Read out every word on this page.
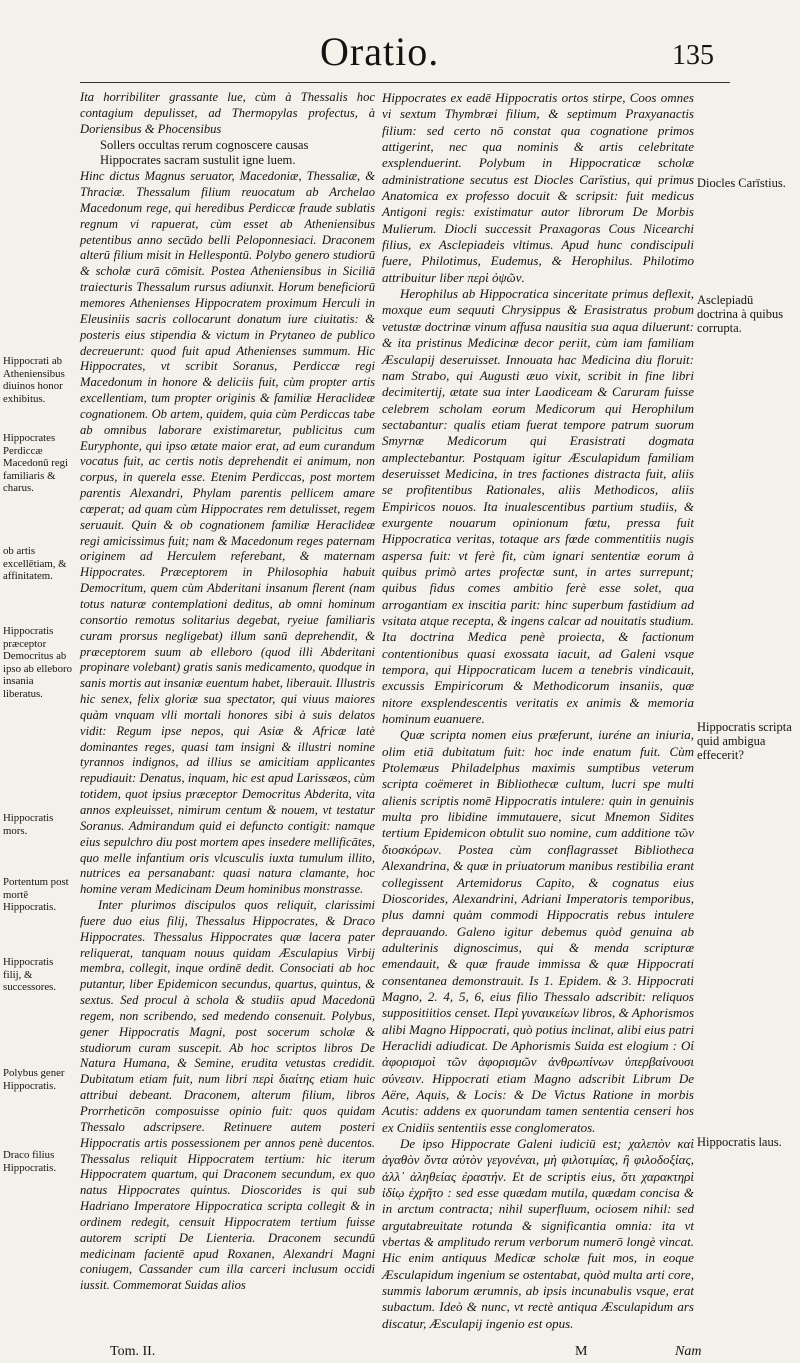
Oratio.	135

Ita horribiliter grassante lue, cùm à Thessalis hoc contagium depulisset, ad Thermopylas profectus, à Doriensibus & Phocensibus

Sollers occultas rerum cognoscere causas

Hippocrates sacram sustulit igne luem.

Hinc dictus Magnus seruator, Macedoniæ, Thessaliæ, & Thraciæ. Thessalum filium reuocatum ab Archelao Macedonum rege, qui heredibus Perdiccæ fraude sublatis regnum vi rapuerat, cùm esset ab Atheniensibus petentibus anno secūdo belli Peloponnesiaci. Draconem alterū filium misit in Hellespontū. Polybo genero studiorū & scholæ curā cōmisit. Postea Atheniensibus in Siciliā traiecturis Thessalum rursus adiunxit. Horum beneficiorū memores Athenienses Hippocratem proximum Herculi in Eleusiniis sacris collocarunt donatum iure ciuitatis: & posteris eius stipendia & victum in Prytaneo de publico decreuerunt: quod fuit apud Athenienses summum. Hic Hippocrates, vt scribit Soranus, Perdiccæ regi Macedonum in honore & deliciis fuit, cùm propter artis excellentiam, tum propter originis & familiæ Heraclideæ cognationem. Ob artem, quidem, quia cùm Perdiccas tabe ab omnibus laborare existimaretur, publicitus cum Euryphonte, qui ipso ætate maior erat, ad eum curandum vocatus fuit, ac certis notis deprehendit ei animum, non corpus, in querela esse. Etenim Perdiccas, post mortem parentis Alexandri, Phylam parentis pellicem amare cœperat; ad quam cùm Hippocrates rem detulisset, regem seruauit. Quin & ob cognationem familiæ Heraclideæ regi amicissimus fuit; nam & Macedonum reges paternam originem ad Herculem referebant, & maternam Hippocrates. Præceptorem in Philosophia habuit Democritum, quem cùm Abderitani insanum flerent (nam totus naturæ contemplationi deditus, ab omni hominum consortio remotus solitarius degebat, ryeiue familiaris curam prorsus negligebat) illum sanū deprehendit, & præceptorem suum ab elleboro (quod illi Abderitani propinare volebant) gratis sanis medicamento, quodque in sanis mortis aut insaniæ euentum habet, liberauit. Illustris hic senex, felix gloriæ sua spectator, qui viuus maiores quàm vnquam vlli mortali honores sibi à suis delatos vidit: Regum ipse nepos, qui Asiæ & Africæ latè dominantes reges, quasi tam insigni & illustri nomine tyrannos indignos, ad illius se amicitiam applicantes repudiauit: Denatus, inquam, hic est apud Larissæos, cùm totidem, quot ipsius præceptor Democritus Abderita, vita annos expleuisset, nimirum centum & nouem, vt testatur Soranus. Admirandum quid ei defuncto contigit: namque eius sepulchro diu post mortem apes insedere mellificātes, quo melle infantium oris vlcusculis iuxta tumulum illito, nutrices ea persanabant: quasi natura clamante, hoc homine veram Medicinam Deum hominibus monstrasse.

Inter plurimos discipulos quos reliquit, clarissimi fuere duo eius filij, Thessalus Hippocrates, & Draco Hippocrates. Thessalus Hippocrates quæ lacera pater reliquerat, tanquam nouus quidam Æsculapius Virbij membra, collegit, inque ordinē dedit. Consociati ab hoc putantur, liber Epidemicon secundus, quartus, quintus, & sextus. Sed procul à schola & studiis apud Macedonū regem, non scribendo, sed medendo consenuit. Polybus, gener Hippocratis Magni, post socerum scholæ & studiorum curam suscepit. Ab hoc scriptos libros De Natura Humana, & Semine, erudita vetustas credidit. Dubitatum etiam fuit, num libri περὶ διαίτης etiam huic attribui debeant. Draconem, alterum filium, libros Prorrheticōn composuisse opinio fuit: quos quidam Thessalo adscripsere. Retinuere autem posteri Hippocratis artis possessionem per annos penè ducentos. Thessalus reliquit Hippocratem tertium: hic iterum Hippocratem quartum, qui Draconem secundum, ex quo natus Hippocrates quintus. Dioscorides is qui sub Hadriano Imperatore Hippocratica scripta collegit & in ordinem redegit, censuit Hippocratem tertium fuisse autorem scripti De Lienteria. Draconem secundū medicinam facientē apud Roxanen, Alexandri Magni coniugem, Cassander cum illa carceri inclusum occidi iussit. Commemorat Suidas alios

Hippocrates ex eadē Hippocratis ortos stirpe, Coos omnes vi sextum Thymbræi filium, & septimum Praxyanactis filium: sed certo nō constat qua cognatione primos attigerint, nec qua nominis & artis celebritate exsplenduerint. Polybum in Hippocraticæ scholæ administratione secutus est Diocles Carïstius, qui primus Anatomica ex professo docuit & scripsit: fuit medicus Antigoni regis: existimatur autor librorum De Morbis Mulierum. Diocli successit Praxagoras Cous Nicearchi filius, ex Asclepiadeis vltimus. Apud hunc condiscipuli fuere, Philotimus, Eudemus, & Herophilus. Philotimo attribuitur liber περὶ ὀψῶν.

Herophilus ab Hippocratica sinceritate primus deflexit, moxque eum sequuti Chrysippus & Erasistratus probum vetustæ doctrinæ vinum affusa nausitia sua aqua diluerunt: & ita pristinus Medicinæ decor periit, cùm iam familiam Æsculapij deseruisset. Innouata hac Medicina diu floruit: nam Strabo, qui Augusti æuo vixit, scribit in fine libri decimitertij, ætate sua inter Laodiceam & Caruram fuisse celebrem scholam eorum Medicorum qui Herophilum sectabantur: qualis etiam fuerat tempore patrum suorum Smyrnæ Medicorum qui Erasistrati dogmata amplectebantur. Postquam igitur Æsculapidum familiam deseruisset Medicina, in tres factiones distracta fuit, aliis se profitentibus Rationales, aliis Methodicos, aliis Empiricos nouos. Ita inualescentibus partium studiis, & exurgente nouarum opinionum fœtu, pressa fuit Hippocratica veritas, totaque ars fœde commentitiis nugis aspersa fuit: vt ferè fit, cùm ignari sententiæ eorum à quibus primò artes profectæ sunt, in artes surrepunt; quibus fidus comes ambitio ferè esse solet, qua arrogantiam ex inscitia parit: hinc superbum fastidium ad vsitata atque recepta, & ingens calcar ad nouitatis studium. Ita doctrina Medica penè proiecta, & factionum contentionibus quasi exossata iacuit, ad Galeni vsque tempora, qui Hippocraticam lucem a tenebris vindicauit, excussis Empiricorum & Methodicorum insaniis, quæ nitore exsplendescentis veritatis ex animis & memoria hominum euanuere.

Quæ scripta nomen eius præferunt, iuréne an iniuria, olim etiā dubitatum fuit: hoc inde enatum fuit. Cùm Ptolemæus Philadelphus maximis sumptibus veterum scripta coëmeret in Bibliothecæ cultum, lucri spe multi alienis scriptis nomē Hippocratis intulere: quin in genuinis multa pro libidine immutauere, sicut Mnemon Sidites tertium Epidemicon obtulit suo nomine, cum additione τῶν διοσκόρων. Postea cùm conflagrasset Bibliotheca Alexandrina, & quæ in priuatorum manibus restibilia erant collegissent Artemidorus Capito, & cognatus eius Dioscorides, Alexandrini, Adriani Imperatoris temporibus, plus damni quàm commodi Hippocratis rebus intulere deprauando. Galeno igitur debemus quòd genuina ab adulterinis dignoscimus, qui & menda scripturæ emendauit, & quæ fraude immissa & quæ Hippocrati consentanea demonstrauit. Is 1. Epidem. & 3. Hippocrati Magno, 2. 4, 5, 6, eius filio Thessalo adscribit: reliquos suppositiitios censet. Περὶ γυναικείων libros, & Aphorismos alibi Magno Hippocrati, quò potius inclinat, alibi eius patri Heraclidi adiudicat. De Aphorismis Suida est elogium : Οἱ ἀφορισμοὶ τῶν ἀφορισμῶν ἀνθρωπίνων ὑπερβαίνουσι σύνεσιν. Hippocrati etiam Magno adscribit Librum De Aëre, Aquis, & Locis: & De Victus Ratione in morbis Acutis: addens ex quorundam tamen sententia censeri hos ex Cnidiis sententiis esse conglomeratos.

De ipso Hippocrate Galeni iudiciū est; χαλεπὸν καὶ ἀγαθὸν ὄντα αὐτὸν γεγονέναι, μὴ φιλοτιμίας, ἢ φιλοδοξίας, ἀλλ᾽ ἀληθείας ἐραστήν. Et de scriptis eius, ὅτι χαρακτηρὶ ἰδίῳ ἐχρῆτο : sed esse quædam mutila, quædam concisa & in arctum contracta; nihil superfluum, ociosem nihil: sed argutabreuitate rotunda & significantia omnia: ita vt vbertas & amplitudo rerum verborum numerō longè vincat. Hic enim antiquus Medicæ scholæ fuit mos, in eoque Æsculapidum ingenium se ostentabat, quòd multa arti core, summis laborum ærumnis, ab ipsis incunabulis vsque, erat subactum. Ideò & nunc, vt rectè antiqua Æsculapidum ars discatur, Æsculapij ingenio est opus.

Hippocrati ab Atheniensibus diuinos honor exhibitus.
Hippocrates Perdiccæ Macedonū regi familiaris & charus.
ob artis excellētiam, & affinitatem.
Hippocratis præceptor Democritus ab ipso ab elleboro insania liberatus.
Hippocratis mors.
Portentum post mortē Hippocratis.
Hippocratis filij, & successores.
Polybus gener Hippocratis.
Draco filius Hippocratis.
Diocles Carïstius.
Asclepiadū doctrina à quibus corrupta.
Hippocratis scripta quid ambigua effecerit?
Hippocratis laus.
Tom. II.	M	Nam
